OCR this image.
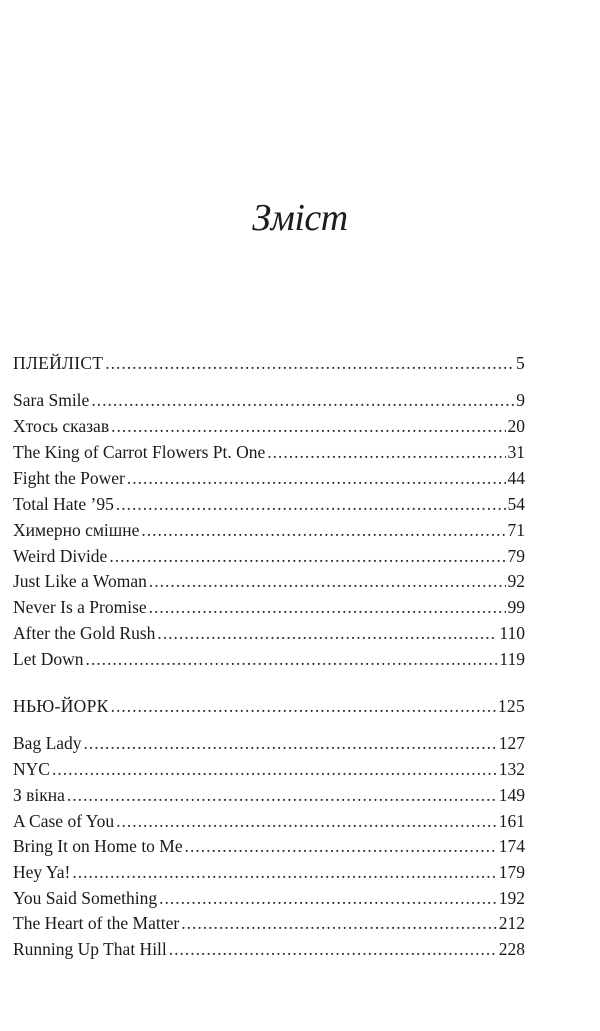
Зміст
ПЛЕЙЛІСТ .....	5
Sara Smile .....	9
Хтось сказав .....	20
The King of Carrot Flowers Pt. One .....	31
Fight the Power .....	44
Total Hate ’95 .....	54
Химерно смішне .....	71
Weird Divide .....	79
Just Like a Woman .....	92
Never Is a Promise .....	99
After the Gold Rush .....	110
Let Down .....	119
НЬЮ-ЙОРК .....	125
Bag Lady .....	127
NYC .....	132
З вікна .....	149
A Case of You .....	161
Bring It on Home to Me .....	174
Hey Ya! .....	179
You Said Something .....	192
The Heart of the Matter .....	212
Running Up That Hill .....	228
